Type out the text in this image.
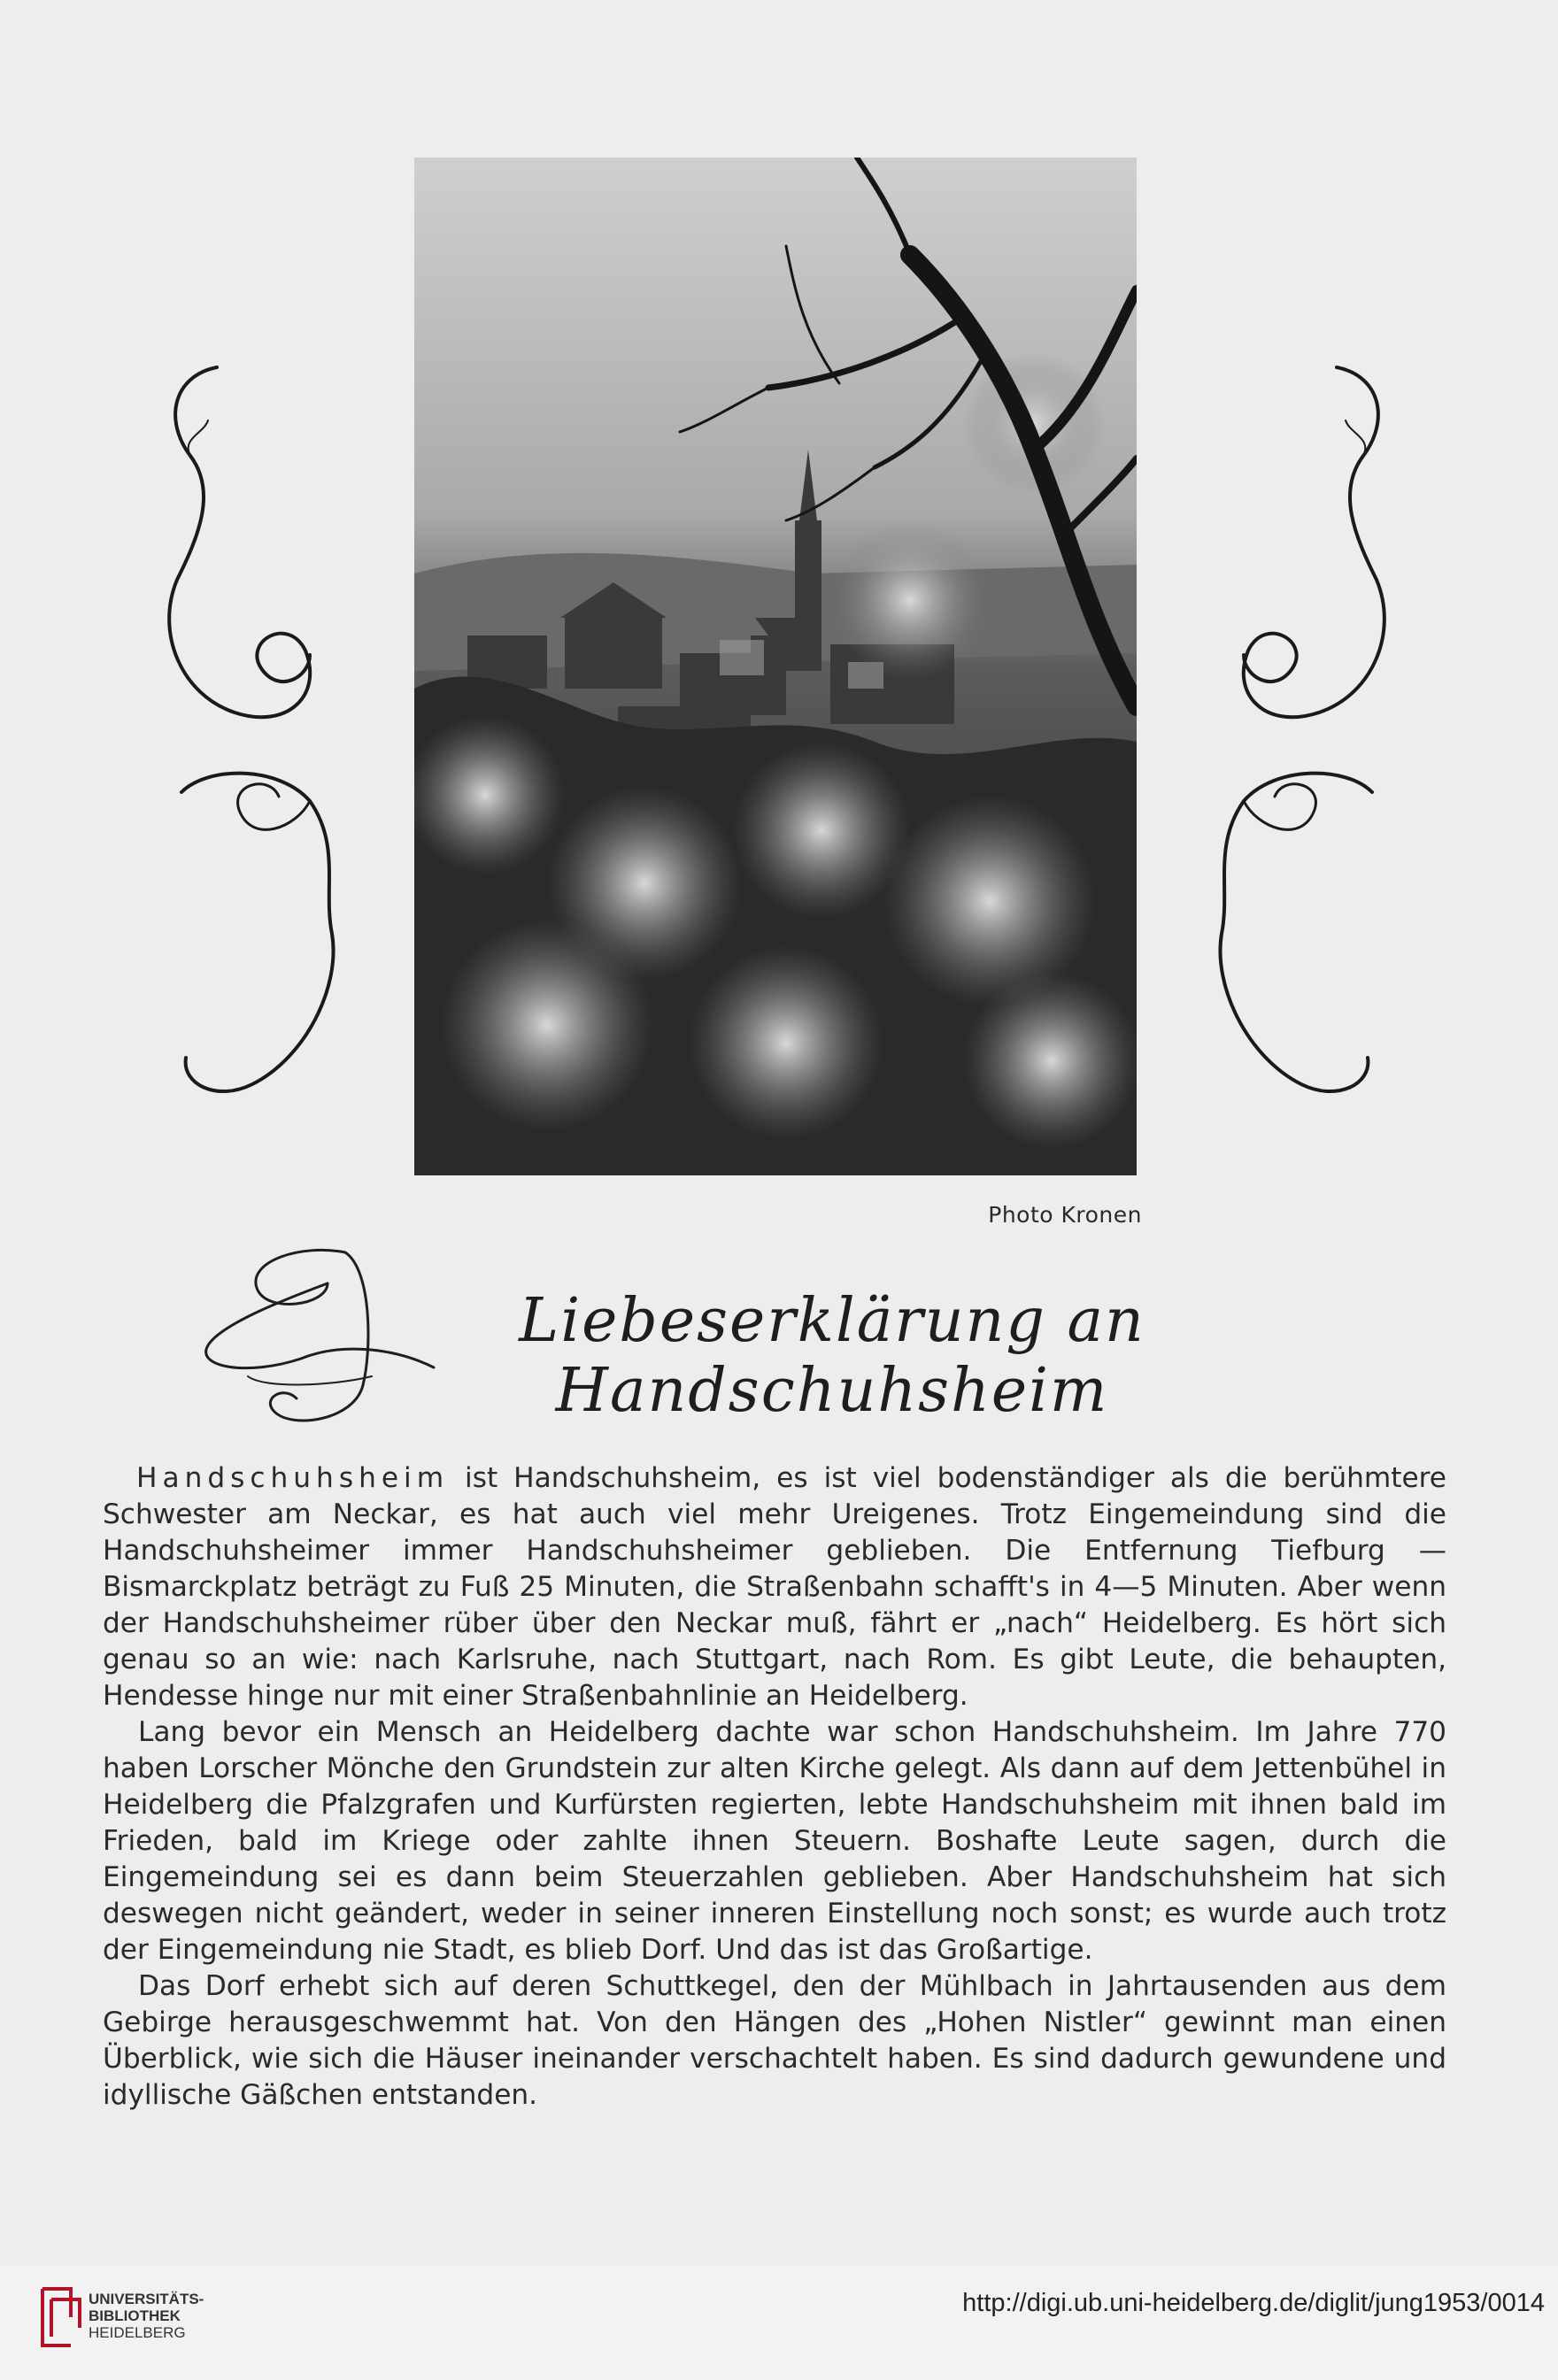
Photo Kronen
Liebeserklärung an Handschuhsheim

Handschuhsheim ist Handschuhsheim, es ist viel bodenständiger als die berühmtere Schwester am Neckar, es hat auch viel mehr Ureigenes. Trotz Eingemeindung sind die Handschuhsheimer immer Handschuhsheimer geblieben. Die Entfernung Tiefburg — Bismarckplatz beträgt zu Fuß 25 Minuten, die Straßenbahn schafft's in 4—5 Minuten. Aber wenn der Handschuhsheimer rüber über den Neckar muß, fährt er „nach“ Heidelberg. Es hört sich genau so an wie: nach Karlsruhe, nach Stuttgart, nach Rom. Es gibt Leute, die behaupten, Hendesse hinge nur mit einer Straßenbahnlinie an Heidelberg.

Lang bevor ein Mensch an Heidelberg dachte war schon Handschuhsheim. Im Jahre 770 haben Lorscher Mönche den Grundstein zur alten Kirche gelegt. Als dann auf dem Jettenbühel in Heidelberg die Pfalzgrafen und Kurfürsten regierten, lebte Handschuhsheim mit ihnen bald im Frieden, bald im Kriege oder zahlte ihnen Steuern. Boshafte Leute sagen, durch die Eingemeindung sei es dann beim Steuerzahlen geblieben. Aber Handschuhsheim hat sich deswegen nicht geändert, weder in seiner inneren Einstellung noch sonst; es wurde auch trotz der Eingemeindung nie Stadt, es blieb Dorf. Und das ist das Großartige.

Das Dorf erhebt sich auf deren Schuttkegel, den der Mühlbach in Jahrtausenden aus dem Gebirge herausgeschwemmt hat. Von den Hängen des „Hohen Nistler“ gewinnt man einen Überblick, wie sich die Häuser ineinander verschachtelt haben. Es sind dadurch gewundene und idyllische Gäßchen entstanden.

UNIVERSITÄTS-
BIBLIOTHEK
HEIDELBERG
http://digi.ub.uni-heidelberg.de/diglit/jung1953/0014
